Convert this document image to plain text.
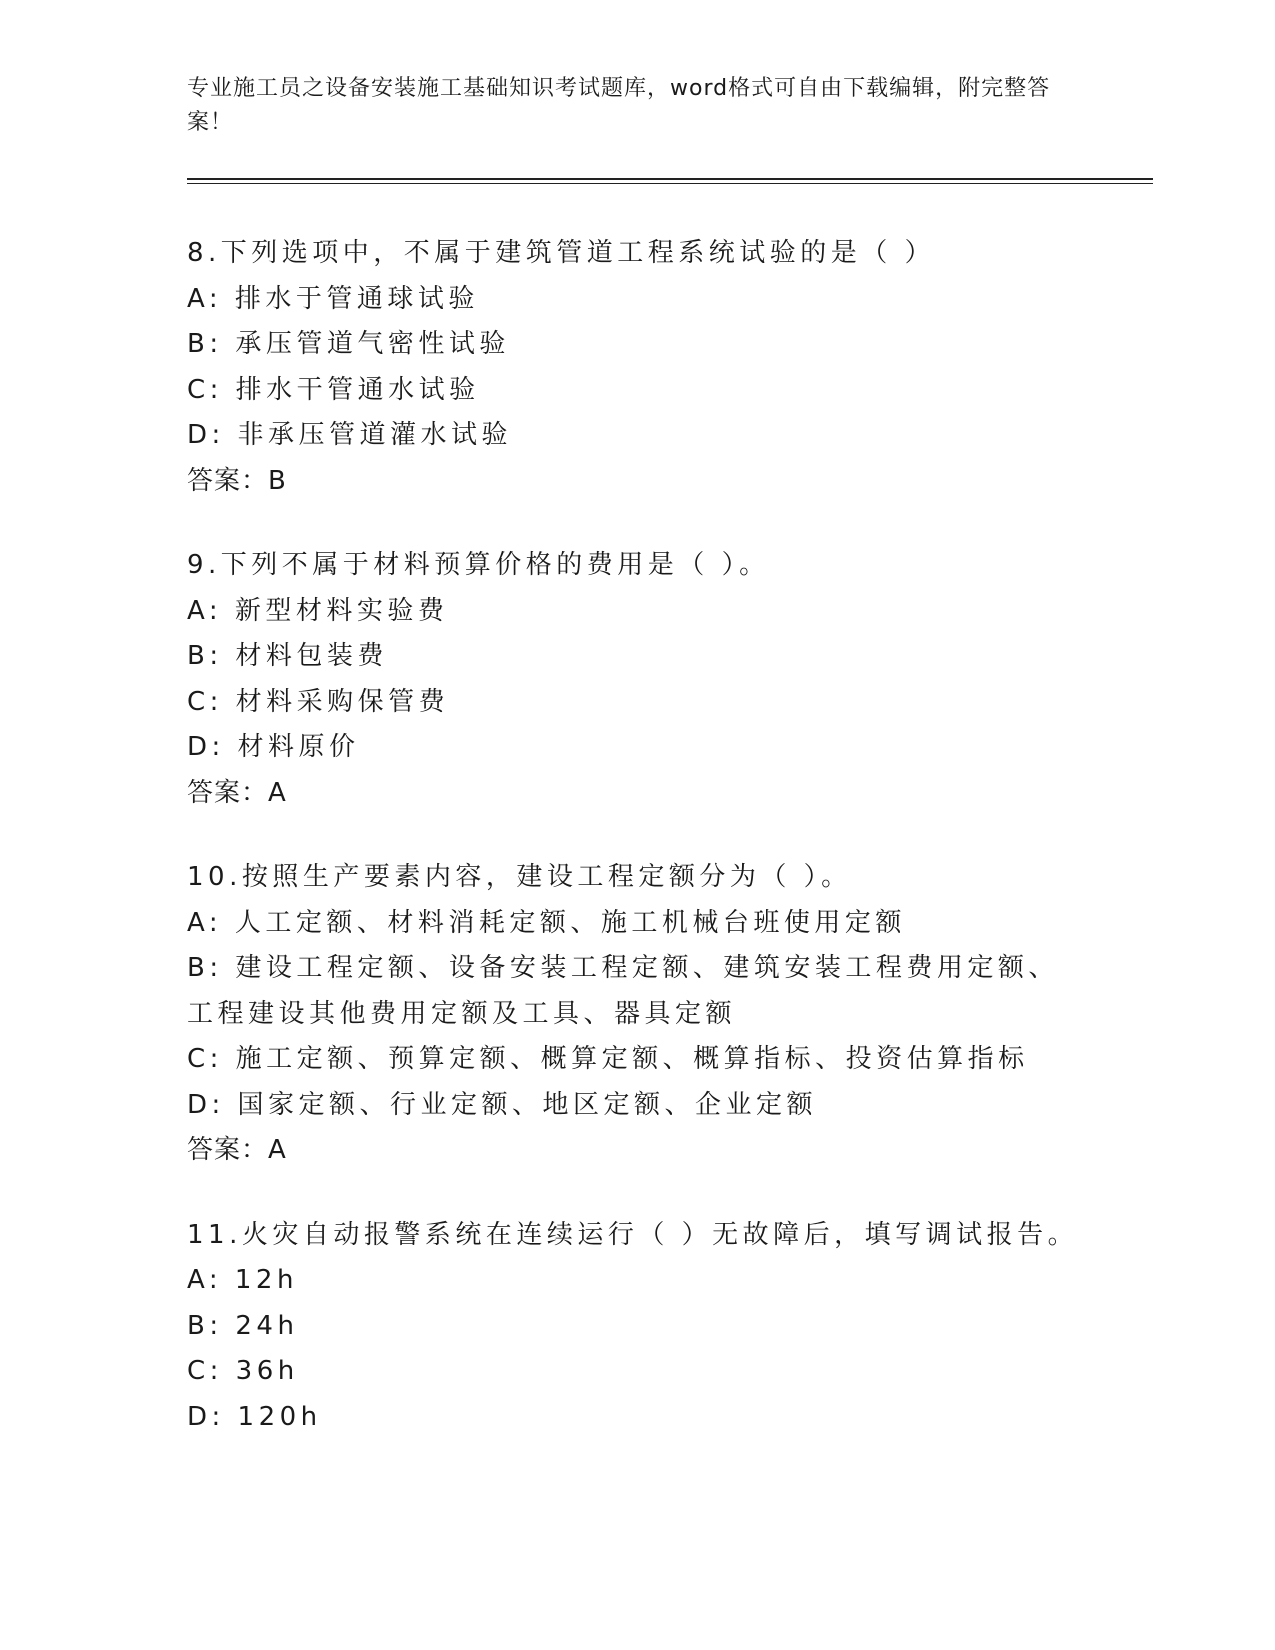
专业施工员之设备安装施工基础知识考试题库，word格式可自由下载编辑，附完整答案！
8.下列选项中，不属于建筑管道工程系统试验的是（ ）
A: 排水于管通球试验
B: 承压管道气密性试验
C: 排水干管通水试验
D: 非承压管道灌水试验
答案：B
9.下列不属于材料预算价格的费用是（ ）。
A: 新型材料实验费
B: 材料包装费
C: 材料采购保管费
D: 材料原价
答案：A
10.按照生产要素内容，建设工程定额分为（ ）。
A: 人工定额、材料消耗定额、施工机械台班使用定额
B: 建设工程定额、设备安装工程定额、建筑安装工程费用定额、工程建设其他费用定额及工具、器具定额
C: 施工定额、预算定额、概算定额、概算指标、投资估算指标
D: 国家定额、行业定额、地区定额、企业定额
答案：A
11.火灾自动报警系统在连续运行（ ）无故障后，填写调试报告。
A: 12h
B: 24h
C: 36h
D: 120h
